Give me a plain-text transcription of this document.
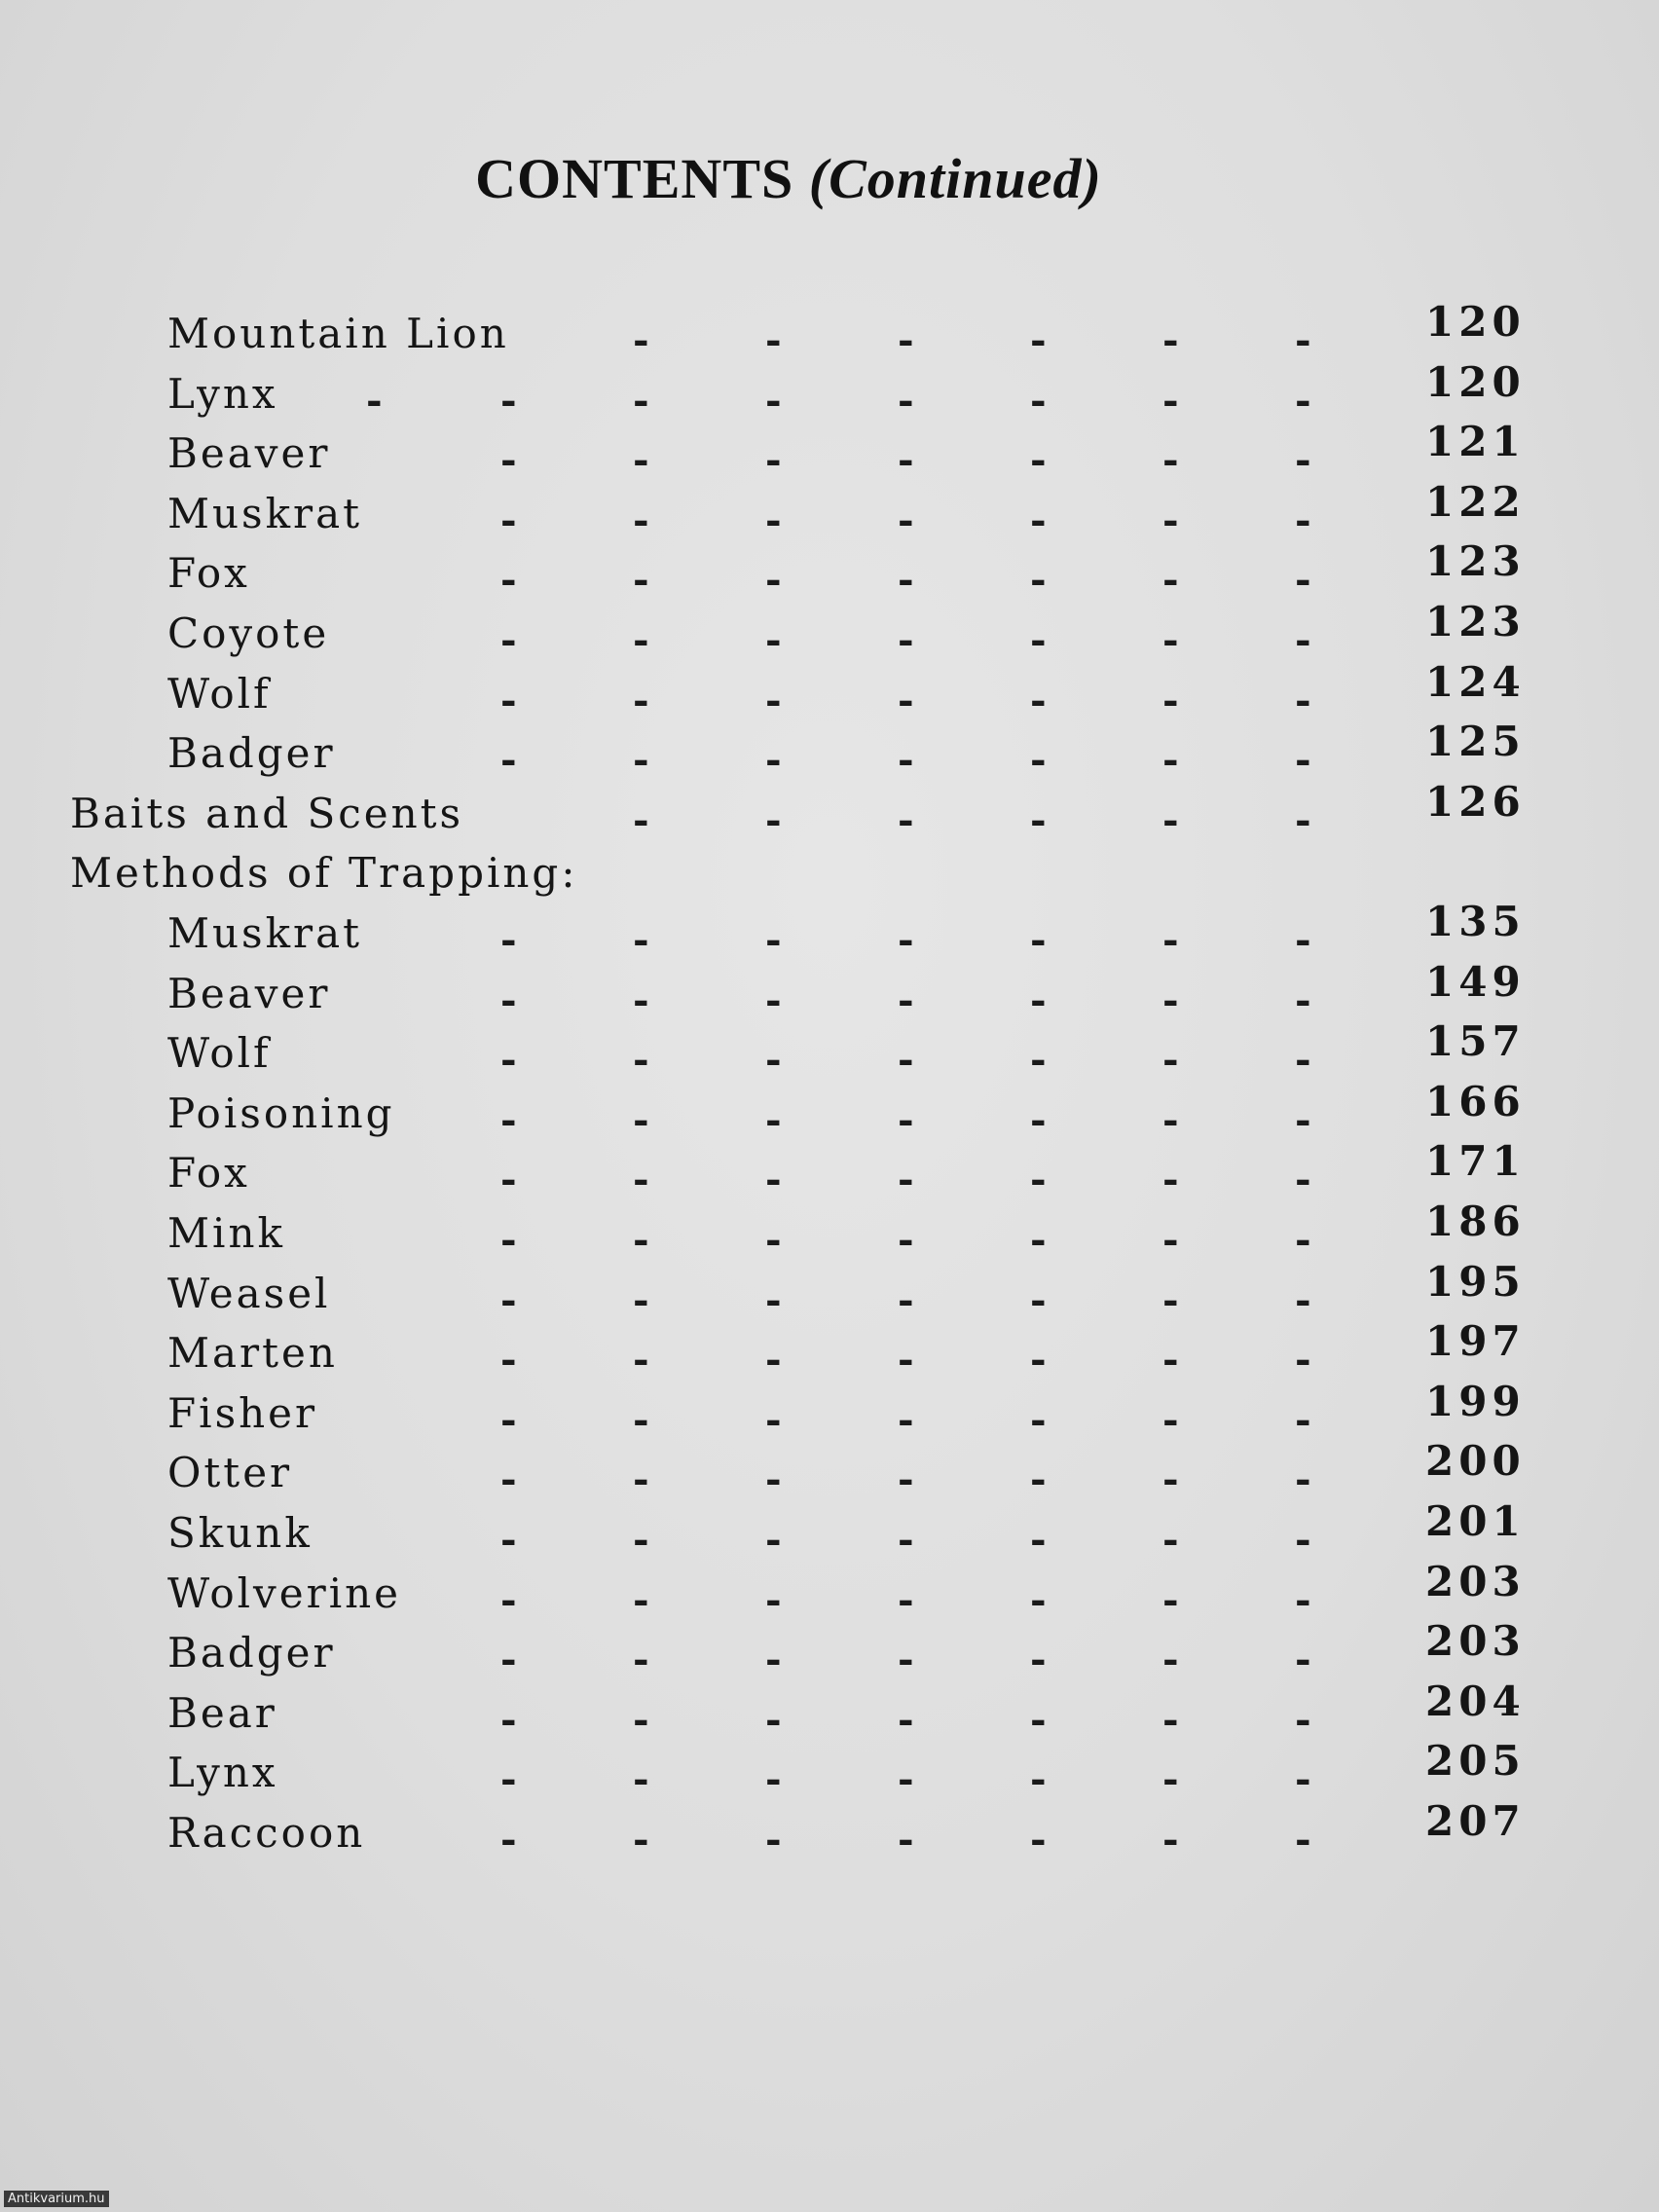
CONTENTS (Continued)
Mountain Lion	-	-	-	-	-	-	120
Lynx -	-	-	-	-	-	-	-	120
Beaver	-	-	-	-	-	-	-	121
Muskrat	-	-	-	-	-	-	-	122
Fox	-	-	-	-	-	-	-	123
Coyote	-	-	-	-	-	-	-	123
Wolf	-	-	-	-	-	-	-	124
Badger	-	-	-	-	-	-	-	125
Baits and Scents	-	-	-	-	-	-	126
Methods of Trapping:
Muskrat	-	-	-	-	-	-	-	135
Beaver	-	-	-	-	-	-	-	149
Wolf	-	-	-	-	-	-	-	157
Poisoning	-	-	-	-	-	-	-	166
Fox	-	-	-	-	-	-	-	171
Mink	-	-	-	-	-	-	-	186
Weasel	-	-	-	-	-	-	-	195
Marten	-	-	-	-	-	-	-	197
Fisher	-	-	-	-	-	-	-	199
Otter	-	-	-	-	-	-	-	200
Skunk	-	-	-	-	-	-	-	201
Wolverine	-	-	-	-	-	-	-	203
Badger	-	-	-	-	-	-	-	203
Bear	-	-	-	-	-	-	-	204
Lynx	-	-	-	-	-	-	-	205
Raccoon	-	-	-	-	-	-	-	207
Antikvarium.hu
